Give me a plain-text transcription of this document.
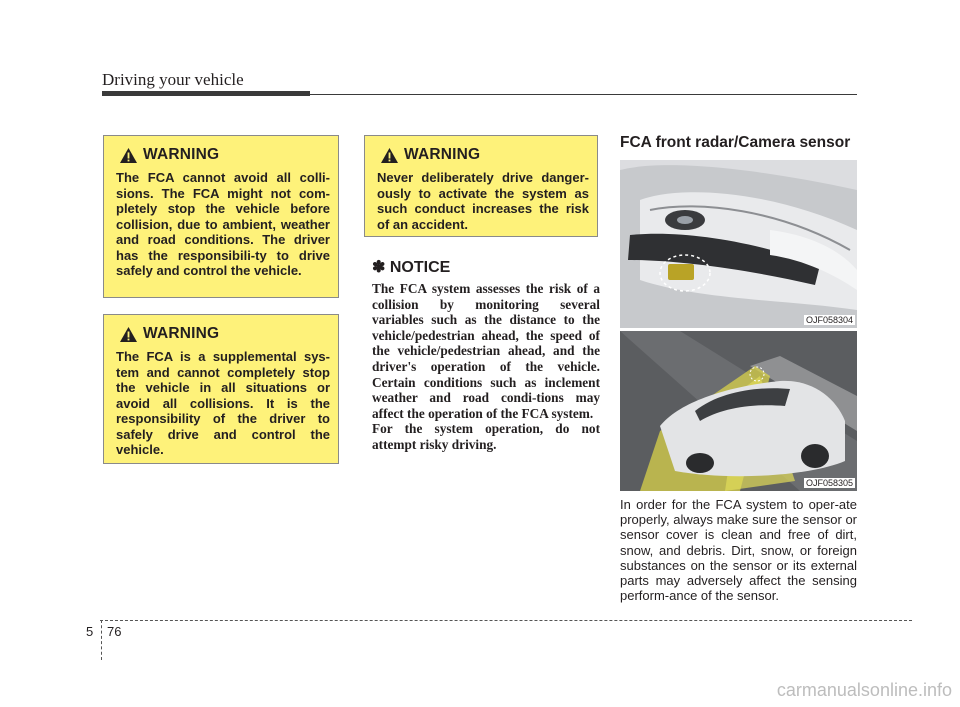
Driving your vehicle
WARNING

The FCA cannot avoid all colli-sions. The FCA might not com-pletely stop the vehicle before collision, due to ambient, weather and road conditions. The driver has the responsibili-ty to drive safely and control the vehicle.

WARNING

The FCA is a supplemental sys-tem and cannot completely stop the vehicle in all situations or avoid all collisions. It is the responsibility of the driver to safely drive and control the vehicle.

WARNING

Never deliberately drive danger-ously to activate the system as such conduct increases the risk of an accident.

✽ NOTICE
The FCA system assesses the risk of a collision by monitoring several variables such as the distance to the vehicle/pedestrian ahead, the speed of the vehicle/pedestrian ahead, and the driver's operation of the vehicle. Certain conditions such as inclement weather and road condi-tions may affect the operation of the FCA system.
For the system operation, do not attempt risky driving.
FCA front radar/Camera sensor
OJF058304
OJF058305

In order for the FCA system to oper-ate properly, always make sure the sensor or sensor cover is clean and free of dirt, snow, and debris. Dirt, snow, or foreign substances on the sensor or its external parts may adversely affect the sensing perform-ance of the sensor.

5 76
carmanualsonline.info
